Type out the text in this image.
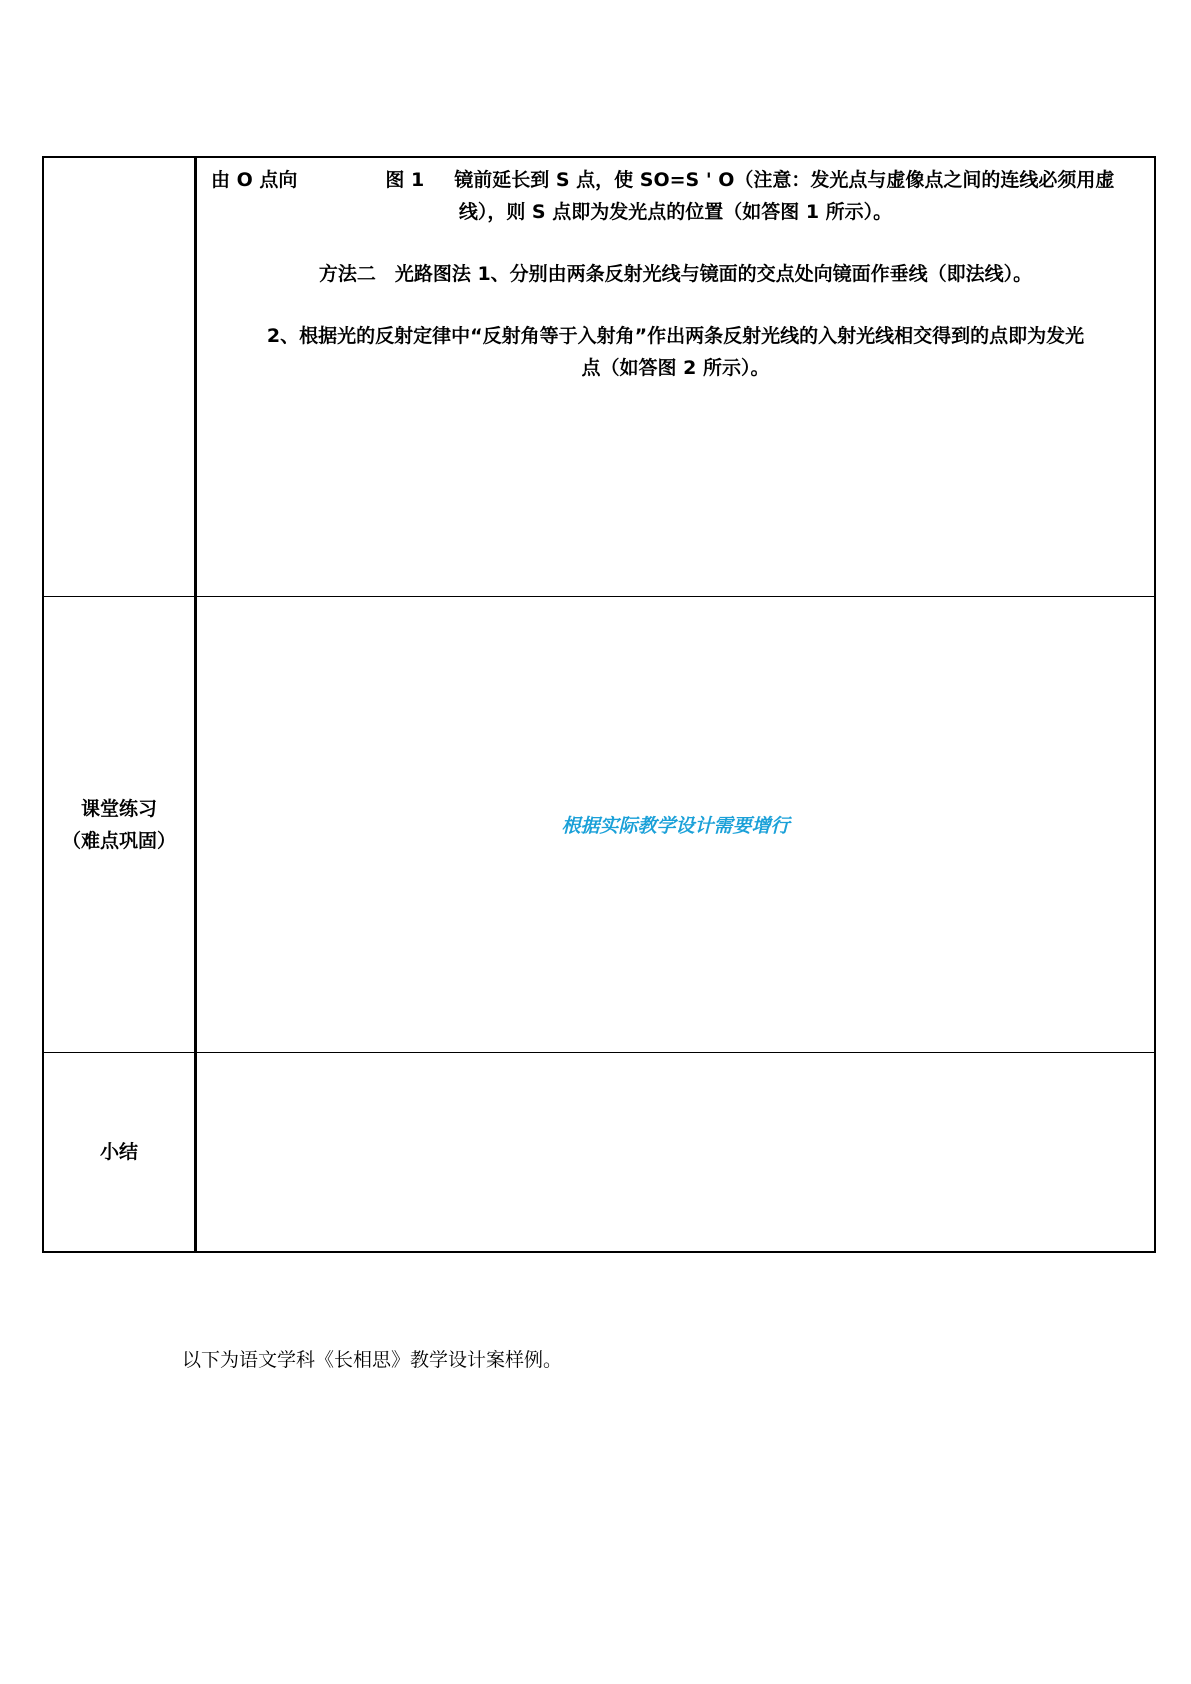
	由 O 点向 图 1 镜前延长到 S 点，使 SO=S ' O（注意：发光点与虚像点之间的连线必须用虚
线），则 S 点即为发光点的位置（如答图 1 所示）。

方法二　光路图法 1、分别由两条反射光线与镜面的交点处向镜面作垂线（即法线）。

2、根据光的反射定律中“反射角等于入射角”作出两条反射光线的入射光线相交得到的点即为发光
点（如答图 2 所示）。

课堂练习
（难点巩固）	根据实际教学设计需要增行

小结	

以下为语文学科《长相思》教学设计案样例。
